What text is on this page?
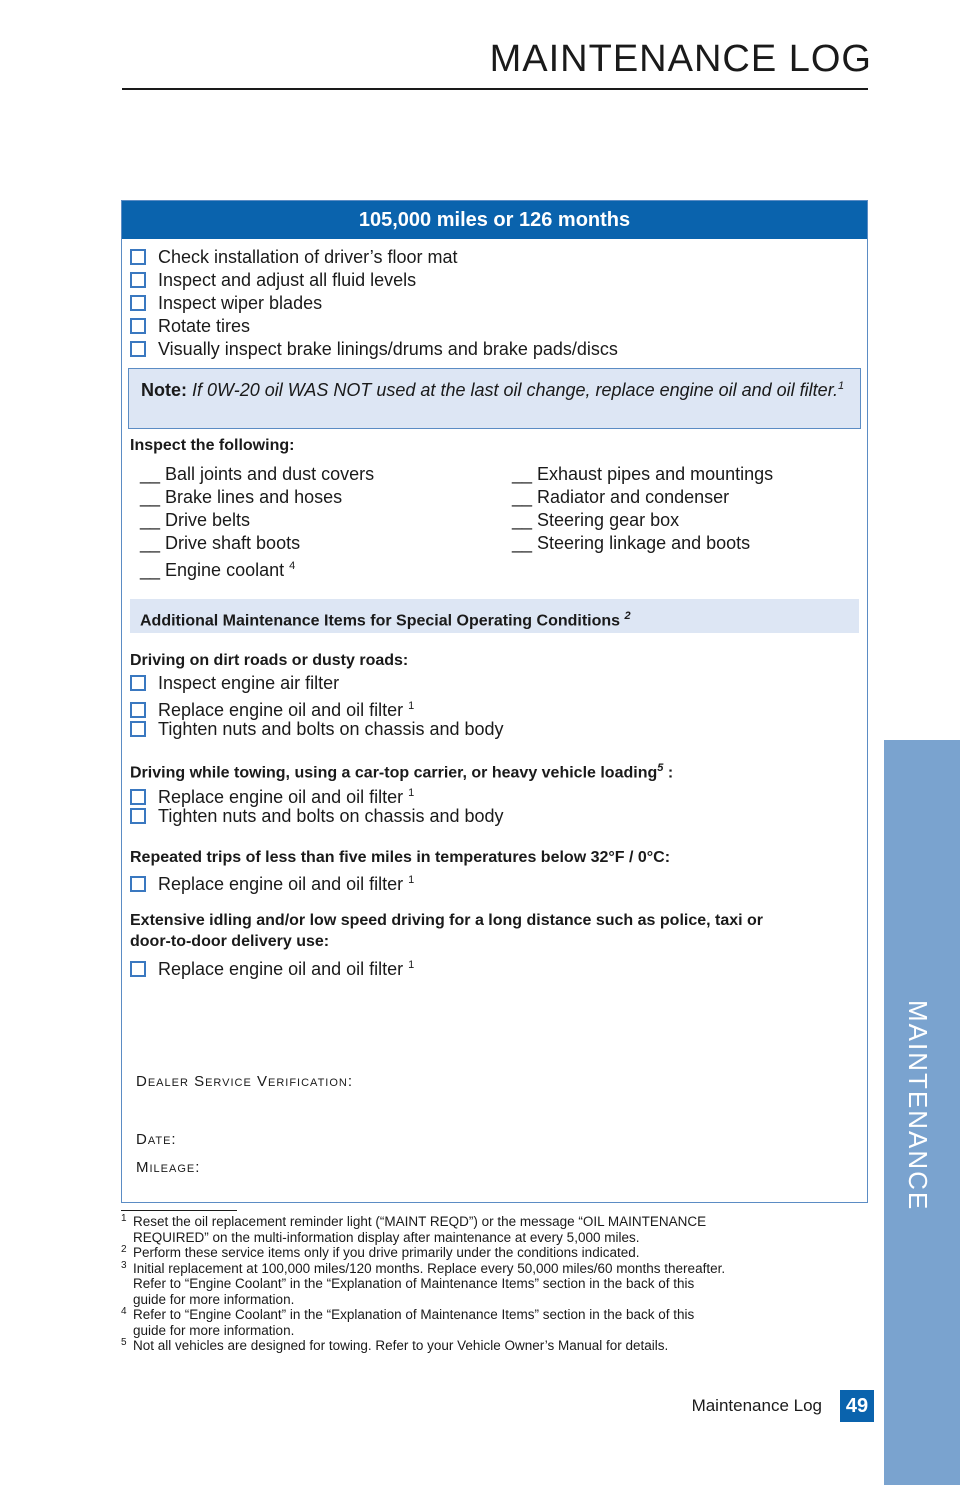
MAINTENANCE LOG
MAINTENANCE
105,000 miles or 126 months
Check installation of driver’s floor mat
Inspect and adjust all fluid levels
Inspect wiper blades
Rotate tires
Visually inspect brake linings/drums and brake pads/discs
Note: If 0W-20 oil WAS NOT used at the last oil change, replace engine oil and oil filter.$^1$
Inspect the following:
__ Ball joints and dust covers
__ Brake lines and hoses
__ Drive belts
__ Drive shaft boots
__ Engine coolant $^4$
__ Exhaust pipes and mountings
__ Radiator and condenser
__ Steering gear box
__ Steering linkage and boots
Additional Maintenance Items for Special Operating Conditions $^2$
Driving on dirt roads or dusty roads:
Inspect engine air filter
Replace engine oil and oil filter $^1$
Tighten nuts and bolts on chassis and body
Driving while towing, using a car-top carrier, or heavy vehicle loading$^5$ :
Replace engine oil and oil filter $^1$
Tighten nuts and bolts on chassis and body
Repeated trips of less than five miles in temperatures below 32°F / 0°C:
Replace engine oil and oil filter $^1$
Extensive idling and/or low speed driving for a long distance such as police, taxi or
door-to-door delivery use:
Replace engine oil and oil filter $^1$
Dealer Service Verification:
Date:
Mileage:
1 Reset the oil replacement reminder light (“MAINT REQD”) or the message “OIL MAINTENANCE
REQUIRED” on the multi-information display after maintenance at every 5,000 miles.
2 Perform these service items only if you drive primarily under the conditions indicated.
3 Initial replacement at 100,000 miles/120 months. Replace every 50,000 miles/60 months thereafter.
Refer to “Engine Coolant” in the “Explanation of Maintenance Items” section in the back of this
guide for more information.
4 Refer to “Engine Coolant” in the “Explanation of Maintenance Items” section in the back of this
guide for more information.
5 Not all vehicles are designed for towing. Refer to your Vehicle Owner’s Manual for details.
Maintenance Log 49
